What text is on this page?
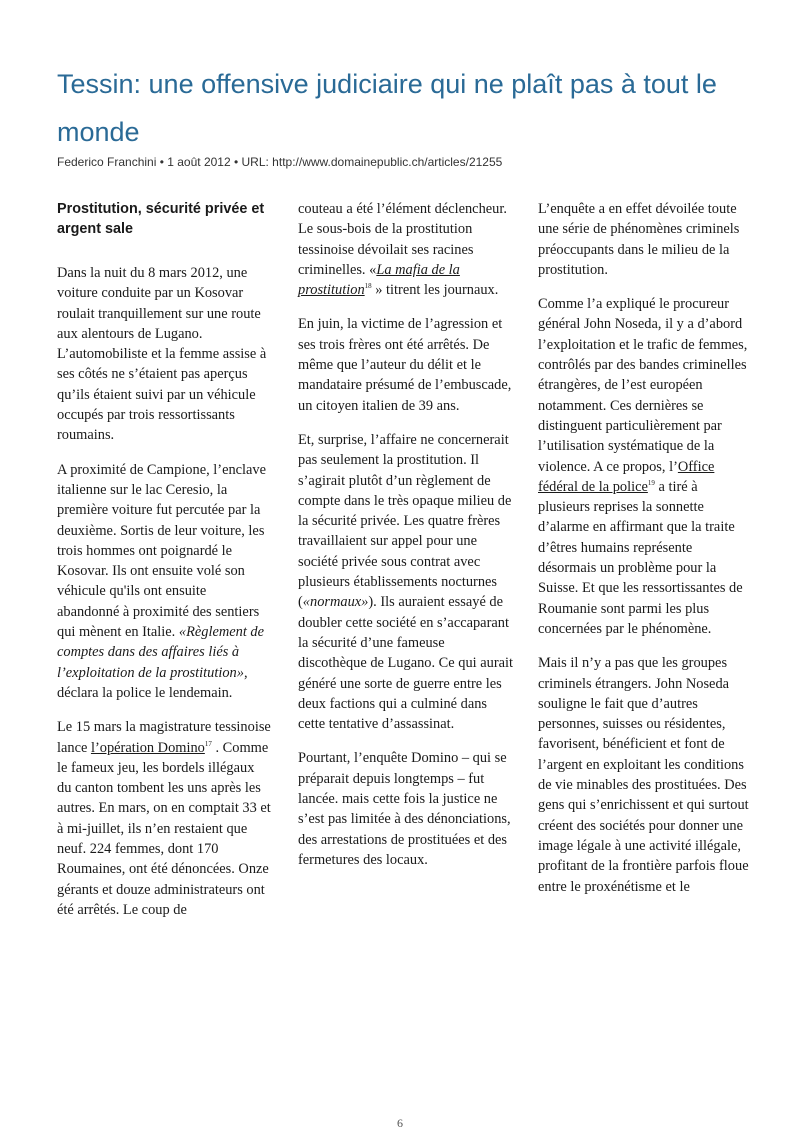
Tessin: une offensive judiciaire qui ne plaît pas à tout le monde
Federico Franchini • 1 août 2012 • URL: http://www.domainepublic.ch/articles/21255
Prostitution, sécurité privée et argent sale

Dans la nuit du 8 mars 2012, une voiture conduite par un Kosovar roulait tranquillement sur une route aux alentours de Lugano. L’automobiliste et la femme assise à ses côtés ne s’étaient pas aperçus qu’ils étaient suivi par un véhicule occupés par trois ressortissants roumains.

A proximité de Campione, l’enclave italienne sur le lac Ceresio, la première voiture fut percutée par la deuxième. Sortis de leur voiture, les trois hommes ont poignardé le Kosovar. Ils ont ensuite volé son véhicule qu'ils ont ensuite abandonné à proximité des sentiers qui mènent en Italie. «Règlement de comptes dans des affaires liés à l’exploitation de la prostitution», déclara la police le lendemain.

Le 15 mars la magistrature tessinoise lance l’opération Domino$^{17}$ . Comme le fameux jeu, les bordels illégaux du canton tombent les uns après les autres. En mars, on en comptait 33 et à mi-juillet, ils n’en restaient que neuf. 224 femmes, dont 170 Roumaines, ont été dénoncées. Onze gérants et douze administrateurs ont été arrêtés. Le coup de

couteau a été l’élément déclencheur. Le sous-bois de la prostitution tessinoise dévoilait ses racines criminelles. «La mafia de la prostitution$^{18}$ » titrent les journaux.

En juin, la victime de l’agression et ses trois frères ont été arrêtés. De même que l’auteur du délit et le mandataire présumé de l’embuscade, un citoyen italien de 39 ans.

Et, surprise, l’affaire ne concernerait pas seulement la prostitution. Il s’agirait plutôt d’un règlement de compte dans le très opaque milieu de la sécurité privée. Les quatre frères travaillaient sur appel pour une société privée sous contrat avec plusieurs établissements nocturnes («normaux»). Ils auraient essayé de doubler cette société en s’accaparant la sécurité d’une fameuse discothèque de Lugano. Ce qui aurait généré une sorte de guerre entre les deux factions qui a culminé dans cette tentative d’assassinat.

Pourtant, l’enquête Domino – qui se préparait depuis longtemps – fut lancée. mais cette fois la justice ne s’est pas limitée à des dénonciations, des arrestations de prostituées et des fermetures des locaux.

L’enquête a en effet dévoilée toute une série de phénomènes criminels préoccupants dans le milieu de la prostitution.

Comme l’a expliqué le procureur général John Noseda, il y a d’abord l’exploitation et le trafic de femmes, contrôlés par des bandes criminelles étrangères, de l’est européen notamment. Ces dernières se distinguent particulièrement par l’utilisation systématique de la violence. A ce propos, l’Office fédéral de la police$^{19}$ a tiré à plusieurs reprises la sonnette d’alarme en affirmant que la traite d’êtres humains représente désormais un problème pour la Suisse. Et que les ressortissantes de Roumanie sont parmi les plus concernées par le phénomène.

Mais il n’y a pas que les groupes criminels étrangers. John Noseda souligne le fait que d’autres personnes, suisses ou résidentes, favorisent, bénéficient et font de l’argent en exploitant les conditions de vie minables des prostituées. Des gens qui s’enrichissent et qui surtout créent des sociétés pour donner une image légale à une activité illégale, profitant de la frontière parfois floue entre le proxénétisme et le

6
